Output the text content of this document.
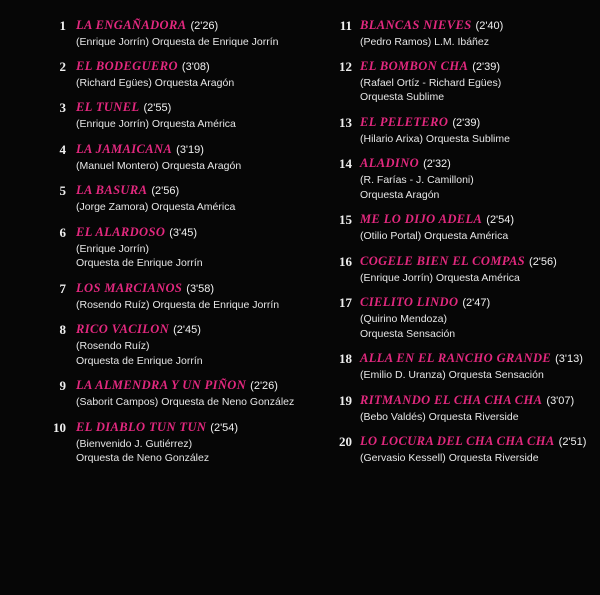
1 LA ENGAÑADORA (2'26)
(Enrique Jorrín) Orquesta de Enrique Jorrín
2 EL BODEGUERO (3'08)
(Richard Egües) Orquesta Aragón
3 EL TUNEL (2'55)
(Enrique Jorrín) Orquesta América
4 LA JAMAICANA (3'19)
(Manuel Montero) Orquesta Aragón
5 LA BASURA (2'56)
(Jorge Zamora) Orquesta América
6 EL ALARDOSO (3'45)
(Enrique Jorrín)
Orquesta de Enrique Jorrín
7 LOS MARCIANOS (3'58)
(Rosendo Ruíz) Orquesta de Enrique Jorrín
8 RICO VACILON (2'45)
(Rosendo Ruíz)
Orquesta de Enrique Jorrín
9 LA ALMENDRA Y UN PIÑON (2'26)
(Saborit Campos) Orquesta de Neno González
10 EL DIABLO TUN TUN (2'54)
(Bienvenido J. Gutiérrez)
Orquesta de Neno González
11 BLANCAS NIEVES (2'40)
(Pedro Ramos) L.M. Ibáñez
12 EL BOMBON CHA (2'39)
(Rafael Ortíz - Richard Egües)
Orquesta Sublime
13 EL PELETERO (2'39)
(Hilario Arixa) Orquesta Sublime
14 ALADINO (2'32)
(R. Farías - J. Camilloni)
Orquesta Aragón
15 ME LO DIJO ADELA (2'54)
(Otilio Portal) Orquesta América
16 COGELE BIEN EL COMPAS (2'56)
(Enrique Jorrín) Orquesta América
17 CIELITO LINDO (2'47)
(Quirino Mendoza)
Orquesta Sensación
18 ALLA EN EL RANCHO GRANDE (3'13)
(Emilio D. Uranza) Orquesta Sensación
19 RITMANDO EL CHA CHA CHA (3'07)
(Bebo Valdés) Orquesta Riverside
20 LO LOCURA DEL CHA CHA CHA (2'51)
(Gervasio Kessell) Orquesta Riverside
